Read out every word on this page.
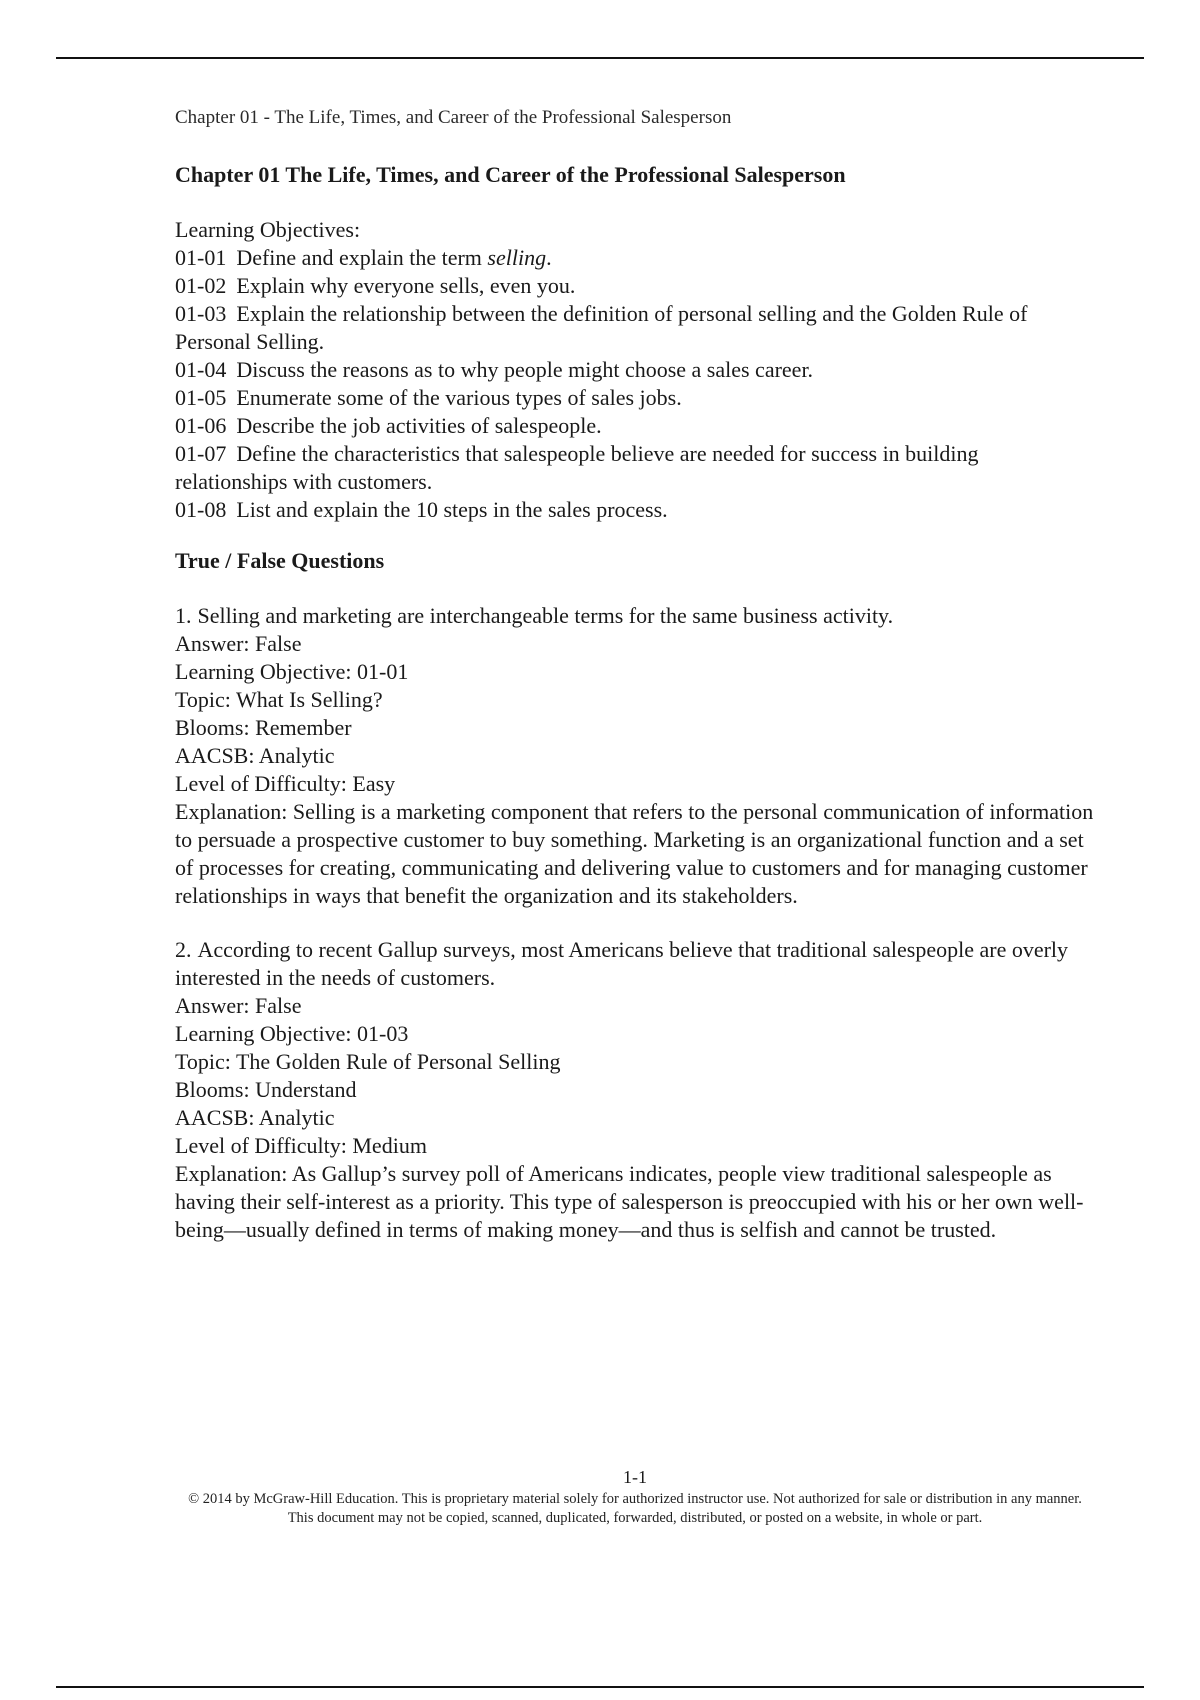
Chapter 01 - The Life, Times, and Career of the Professional Salesperson
Chapter 01 The Life, Times, and Career of the Professional Salesperson
Learning Objectives:
01-01 Define and explain the term selling.
01-02 Explain why everyone sells, even you.
01-03 Explain the relationship between the definition of personal selling and the Golden Rule of Personal Selling.
01-04 Discuss the reasons as to why people might choose a sales career.
01-05 Enumerate some of the various types of sales jobs.
01-06 Describe the job activities of salespeople.
01-07 Define the characteristics that salespeople believe are needed for success in building relationships with customers.
01-08 List and explain the 10 steps in the sales process.
True / False Questions
1. Selling and marketing are interchangeable terms for the same business activity.
Answer: False
Learning Objective: 01-01
Topic: What Is Selling?
Blooms: Remember
AACSB: Analytic
Level of Difficulty: Easy
Explanation: Selling is a marketing component that refers to the personal communication of information to persuade a prospective customer to buy something. Marketing is an organizational function and a set of processes for creating, communicating and delivering value to customers and for managing customer relationships in ways that benefit the organization and its stakeholders.
2. According to recent Gallup surveys, most Americans believe that traditional salespeople are overly interested in the needs of customers.
Answer: False
Learning Objective: 01-03
Topic: The Golden Rule of Personal Selling
Blooms: Understand
AACSB: Analytic
Level of Difficulty: Medium
Explanation: As Gallup’s survey poll of Americans indicates, people view traditional salespeople as having their self-interest as a priority. This type of salesperson is preoccupied with his or her own well-being—usually defined in terms of making money—and thus is selfish and cannot be trusted.
1-1
© 2014 by McGraw-Hill Education. This is proprietary material solely for authorized instructor use. Not authorized for sale or distribution in any manner. This document may not be copied, scanned, duplicated, forwarded, distributed, or posted on a website, in whole or part.
